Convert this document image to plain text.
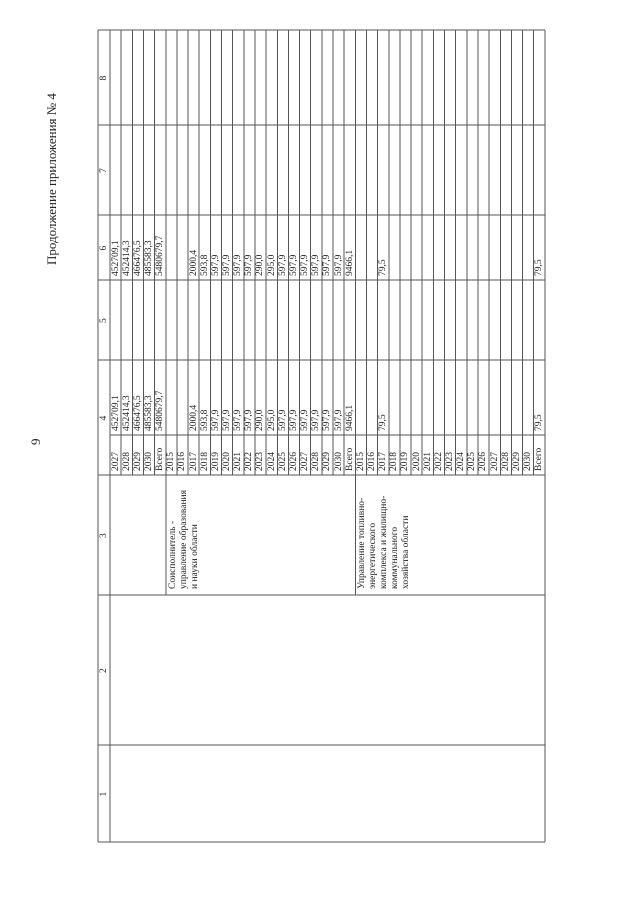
9
Продолжение приложения № 4
1
2
3
4
5
6
7
8
2027
452709,1
452709,1
2028
452414,3
452414,3
2029
466476,5
466476,5
2030
485583,3
485583,3
Всего
5480679,7
5480679,7
2015 2016 2017
2000,4
2000,4
2018
593,8
593,8
2019
597,9
597,9
2020
597,9
597,9
2021
597,9
597,9
2022
597,9
597,9
2023
290,0
290,0
2024
295,0
295,0
2025
597,9
597,9
2026
597,9
597,9
2027
597,9
597,9
2028
597,9
597,9
2029
597,9
597,9
2030
597,9
597,9
Всего
9466,1
9466,1
Соисполнитель - управление образования и науки области
2015 2016 2017
79,5
79,5
2018 2019 2020 2021 2022 2023 2024 2025 2026 2027 2028 2029 2030 Всего
79,5
79,5
Управление топливно- энергетического комплекса и жилищно- коммунального хозяйства области
